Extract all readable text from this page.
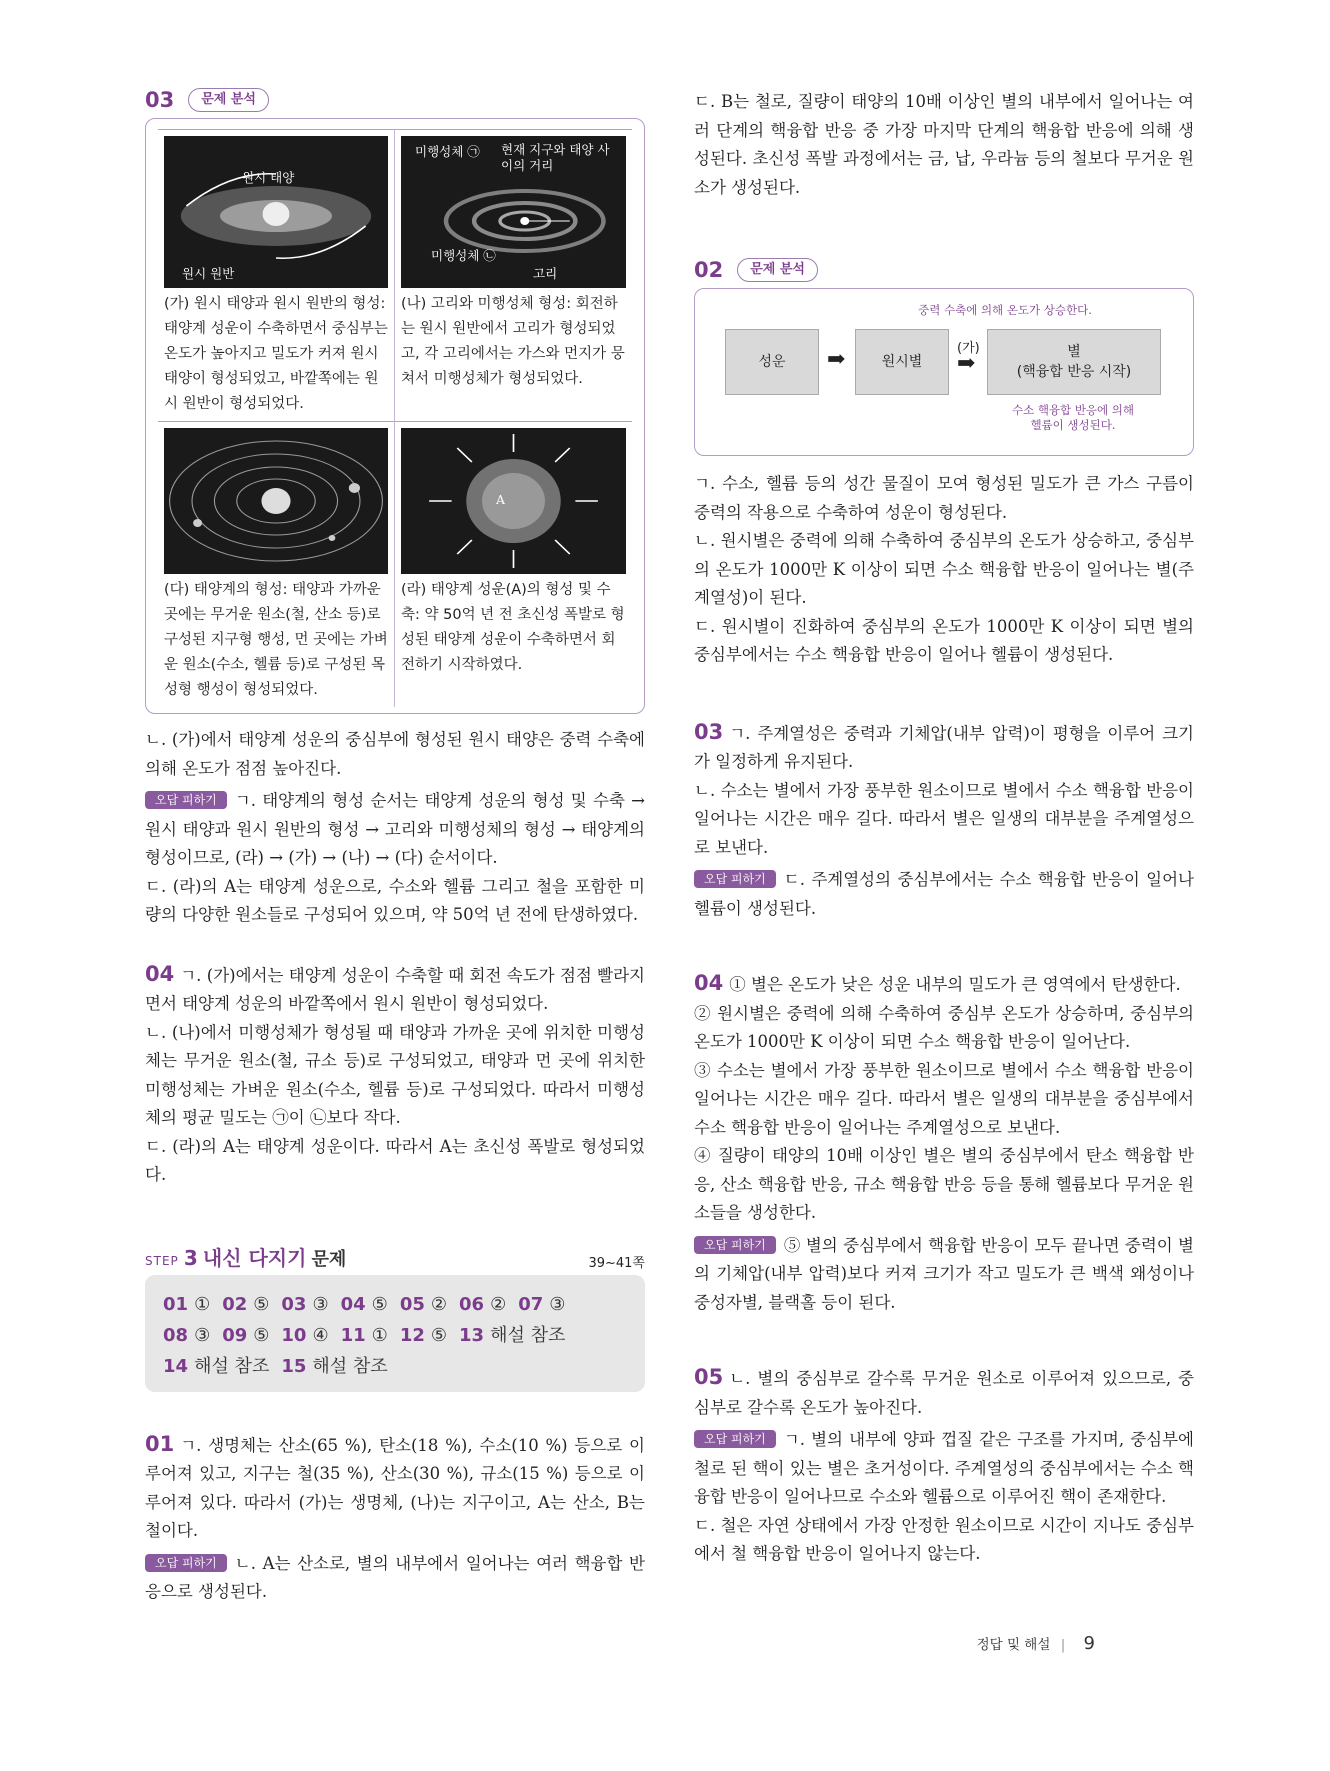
03	문제 분석
원시 태양
원시 원반
(가) 원시 태양과 원시 원반의 형성: 태양계 성운이 수축하면서 중심부는 온도가 높아지고 밀도가 커져 원시 태양이 형성되었고, 바깥쪽에는 원시 원반이 형성되었다.
미행성체 ㉠ 현재 지구와 태양 사이의 거리
미행성체 ㉡
고리
(나) 고리와 미행성체 형성: 회전하는 원시 원반에서 고리가 형성되었고, 각 고리에서는 가스와 먼지가 뭉쳐서 미행성체가 형성되었다.
(다) 태양계의 형성: 태양과 가까운 곳에는 무거운 원소(철, 산소 등)로 구성된 지구형 행성, 먼 곳에는 가벼운 원소(수소, 헬륨 등)로 구성된 목성형 행성이 형성되었다.
A
(라) 태양계 성운(A)의 형성 및 수축: 약 50억 년 전 초신성 폭발로 형성된 태양계 성운이 수축하면서 회전하기 시작하였다.

ㄴ. (가)에서 태양계 성운의 중심부에 형성된 원시 태양은 중력 수축에 의해 온도가 점점 높아진다.

오답 피하기 ㄱ. 태양계의 형성 순서는 태양계 성운의 형성 및 수축 → 원시 태양과 원시 원반의 형성 → 고리와 미행성체의 형성 → 태양계의 형성이므로, (라) → (가) → (나) → (다) 순서이다.

ㄷ. (라)의 A는 태양계 성운으로, 수소와 헬륨 그리고 철을 포함한 미량의 다양한 원소들로 구성되어 있으며, 약 50억 년 전에 탄생하였다.

04 ㄱ. (가)에서는 태양계 성운이 수축할 때 회전 속도가 점점 빨라지면서 태양계 성운의 바깥쪽에서 원시 원반이 형성되었다.

ㄴ. (나)에서 미행성체가 형성될 때 태양과 가까운 곳에 위치한 미행성체는 무거운 원소(철, 규소 등)로 구성되었고, 태양과 먼 곳에 위치한 미행성체는 가벼운 원소(수소, 헬륨 등)로 구성되었다. 따라서 미행성체의 평균 밀도는 ㉠이 ㉡보다 작다.

ㄷ. (라)의 A는 태양계 성운이다. 따라서 A는 초신성 폭발로 형성되었다.

STEP 3 내신 다지기 문제	39~41쪽
01 ① 02 ⑤ 03 ③ 04 ⑤ 05 ② 06 ② 07 ③
08 ③ 09 ⑤ 10 ④ 11 ① 12 ⑤ 13 해설 참조
14 해설 참조 15 해설 참조

01 ㄱ. 생명체는 산소(65 %), 탄소(18 %), 수소(10 %) 등으로 이루어져 있고, 지구는 철(35 %), 산소(30 %), 규소(15 %) 등으로 이루어져 있다. 따라서 (가)는 생명체, (나)는 지구이고, A는 산소, B는 철이다.

오답 피하기 ㄴ. A는 산소로, 별의 내부에서 일어나는 여러 핵융합 반응으로 생성된다.

ㄷ. B는 철로, 질량이 태양의 10배 이상인 별의 내부에서 일어나는 여러 단계의 핵융합 반응 중 가장 마지막 단계의 핵융합 반응에 의해 생성된다. 초신성 폭발 과정에서는 금, 납, 우라늄 등의 철보다 무거운 원소가 생성된다.

02	문제 분석
중력 수축에 의해 온도가 상승한다.
성운	➡	원시별
(가)
➡	별
(핵융합 반응 시작)
수소 핵융합 반응에 의해
헬륨이 생성된다.

ㄱ. 수소, 헬륨 등의 성간 물질이 모여 형성된 밀도가 큰 가스 구름이 중력의 작용으로 수축하여 성운이 형성된다.

ㄴ. 원시별은 중력에 의해 수축하여 중심부의 온도가 상승하고, 중심부의 온도가 1000만 K 이상이 되면 수소 핵융합 반응이 일어나는 별(주계열성)이 된다.

ㄷ. 원시별이 진화하여 중심부의 온도가 1000만 K 이상이 되면 별의 중심부에서는 수소 핵융합 반응이 일어나 헬륨이 생성된다.

03 ㄱ. 주계열성은 중력과 기체압(내부 압력)이 평형을 이루어 크기가 일정하게 유지된다.

ㄴ. 수소는 별에서 가장 풍부한 원소이므로 별에서 수소 핵융합 반응이 일어나는 시간은 매우 길다. 따라서 별은 일생의 대부분을 주계열성으로 보낸다.

오답 피하기 ㄷ. 주계열성의 중심부에서는 수소 핵융합 반응이 일어나 헬륨이 생성된다.

04 ① 별은 온도가 낮은 성운 내부의 밀도가 큰 영역에서 탄생한다.

② 원시별은 중력에 의해 수축하여 중심부 온도가 상승하며, 중심부의 온도가 1000만 K 이상이 되면 수소 핵융합 반응이 일어난다.

③ 수소는 별에서 가장 풍부한 원소이므로 별에서 수소 핵융합 반응이 일어나는 시간은 매우 길다. 따라서 별은 일생의 대부분을 중심부에서 수소 핵융합 반응이 일어나는 주계열성으로 보낸다.

④ 질량이 태양의 10배 이상인 별은 별의 중심부에서 탄소 핵융합 반응, 산소 핵융합 반응, 규소 핵융합 반응 등을 통해 헬륨보다 무거운 원소들을 생성한다.

오답 피하기 ⑤ 별의 중심부에서 핵융합 반응이 모두 끝나면 중력이 별의 기체압(내부 압력)보다 커져 크기가 작고 밀도가 큰 백색 왜성이나 중성자별, 블랙홀 등이 된다.

05 ㄴ. 별의 중심부로 갈수록 무거운 원소로 이루어져 있으므로, 중심부로 갈수록 온도가 높아진다.

오답 피하기 ㄱ. 별의 내부에 양파 껍질 같은 구조를 가지며, 중심부에 철로 된 핵이 있는 별은 초거성이다. 주계열성의 중심부에서는 수소 핵융합 반응이 일어나므로 수소와 헬륨으로 이루어진 핵이 존재한다.

ㄷ. 철은 자연 상태에서 가장 안정한 원소이므로 시간이 지나도 중심부에서 철 핵융합 반응이 일어나지 않는다.

정답 및 해설 | 9
